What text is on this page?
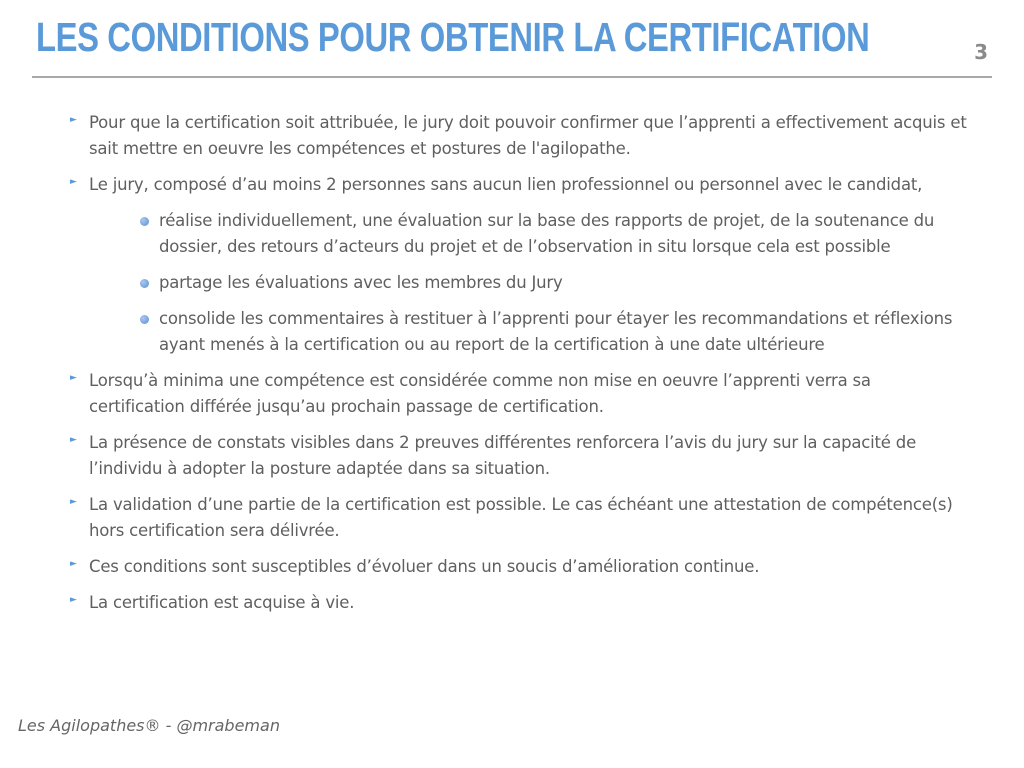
LES CONDITIONS POUR OBTENIR LA CERTIFICATION	3
► Pour que la certification soit attribuée, le jury doit pouvoir confirmer que l’apprenti a effectivement acquis et sait mettre en oeuvre les compétences et postures de l'agilopathe.
► Le jury, composé d’au moins 2 personnes sans aucun lien professionnel ou personnel avec le candidat,
réalise individuellement, une évaluation sur la base des rapports de projet, de la soutenance du dossier, des retours d’acteurs du projet et de l’observation in situ lorsque cela est possible
partage les évaluations avec les membres du Jury
consolide les commentaires à restituer à l’apprenti pour étayer les recommandations et réflexions ayant menés à la certification ou au report de la certification à une date ultérieure
► Lorsqu’à minima une compétence est considérée comme non mise en oeuvre l’apprenti verra sa certification différée jusqu’au prochain passage de certification.
► La présence de constats visibles dans 2 preuves différentes renforcera l’avis du jury sur la capacité de l’individu à adopter la posture adaptée dans sa situation.
► La validation d’une partie de la certification est possible. Le cas échéant une attestation de compétence(s) hors certification sera délivrée.
► Ces conditions sont susceptibles d’évoluer dans un soucis d’amélioration continue.
► La certification est acquise à vie.
Les Agilopathes® - @mrabeman
